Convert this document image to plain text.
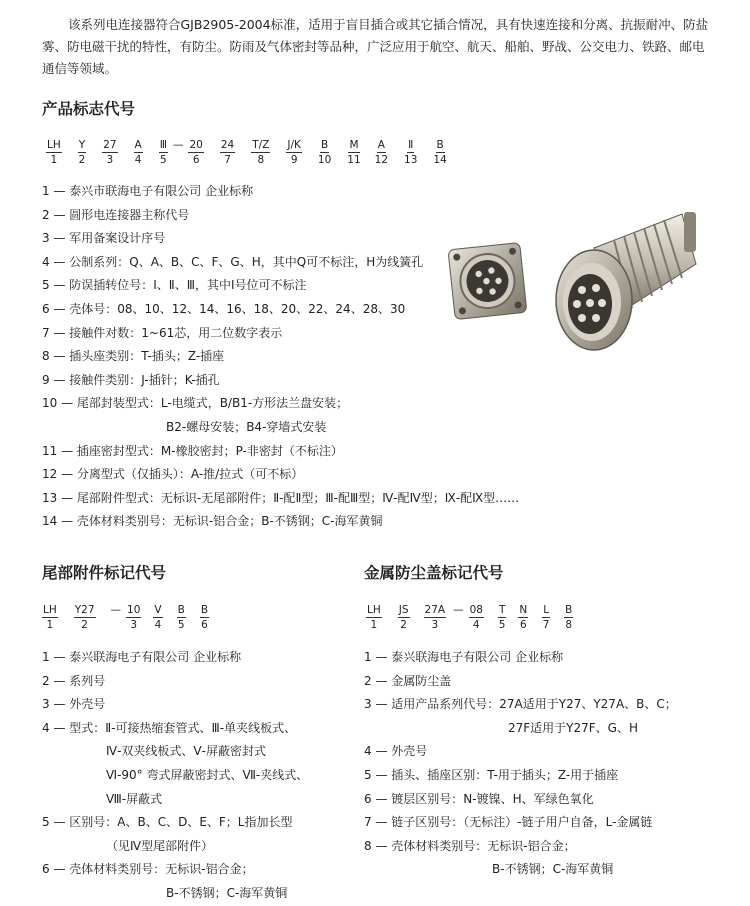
该系列电连接器符合GJB2905-2004标准，适用于盲目插合或其它插合情况，具有快速连接和分离、抗振耐冲、防盐

雾、防电磁干扰的特性，有防尘。防雨及气体密封等品种，广泛应用于航空、航天、船舶、野战、公交电力、铁路、邮电

通信等领域。

产品标志代号
LH
1
Y
2
27
3
A
4
Ⅲ
5
— 20
6
24
7
T/Z
8
J/K
9
B
10
M
11
A
12
Ⅱ
13
B
14
1 — 泰兴市联海电子有限公司 企业标称
2 — 圆形电连接器主称代号
3 — 军用备案设计序号
4 — 公制系列：Q、A、B、C、F、G、H，其中Q可不标注，H为线簧孔
5 — 防误插转位号：Ⅰ、Ⅱ、Ⅲ，其中Ⅰ号位可不标注
6 — 壳体号：08、10、12、14、16、18、20、22、24、28、30
7 — 接触件对数：1~61芯，用二位数字表示
8 — 插头座类别：T-插头；Z-插座
9 — 接触件类别：J-插针；K-插孔
10 — 尾部封装型式：L-电缆式，B/B1-方形法兰盘安装；
B2-螺母安装；B4-穿墙式安装
11 — 插座密封型式：M-橡胶密封；P-非密封（不标注）
12 — 分离型式（仅插头）：A-推/拉式（可不标）
13 — 尾部附件型式：无标识-无尾部附件；Ⅱ-配Ⅱ型；Ⅲ-配Ⅲ型；Ⅳ-配Ⅳ型；Ⅸ-配Ⅸ型……
14 — 壳体材料类别号：无标识-铝合金；B-不锈钢；C-海军黄铜
尾部附件标记代号
LH
1
Y27
2
— 10
3
V
4
B
5
B
6
1 — 泰兴联海电子有限公司 企业标称
2 — 系列号
3 — 外壳号
4 — 型式：Ⅱ-可接热缩套管式、Ⅲ-单夹线板式、
Ⅳ-双夹线板式、Ⅴ-屏蔽密封式
Ⅵ-90° 弯式屏蔽密封式、Ⅶ-夹线式、
Ⅷ-屏蔽式
5 — 区别号：A、B、C、D、E、F；L指加长型
（见Ⅳ型尾部附件）
6 — 壳体材料类别号：无标识-铝合金；
B-不锈钢；C-海军黄铜
金属防尘盖标记代号
LH
1
JS
2
27A
3
— 08
4
T
5
N
6
L
7
B
8
1 — 泰兴联海电子有限公司 企业标称
2 — 金属防尘盖
3 — 适用产品系列代号：27A适用于Y27、Y27A、B、C；
27F适用于Y27F、G、H
4 — 外壳号
5 — 插头、插座区别：T-用于插头；Z-用于插座
6 — 镀层区别号：N-镀镍、H、军绿色氧化
7 — 链子区别号：（无标注）-链子用户自备，L-金属链
8 — 壳体材料类别号：无标识-铝合金；
B-不锈钢；C-海军黄铜
